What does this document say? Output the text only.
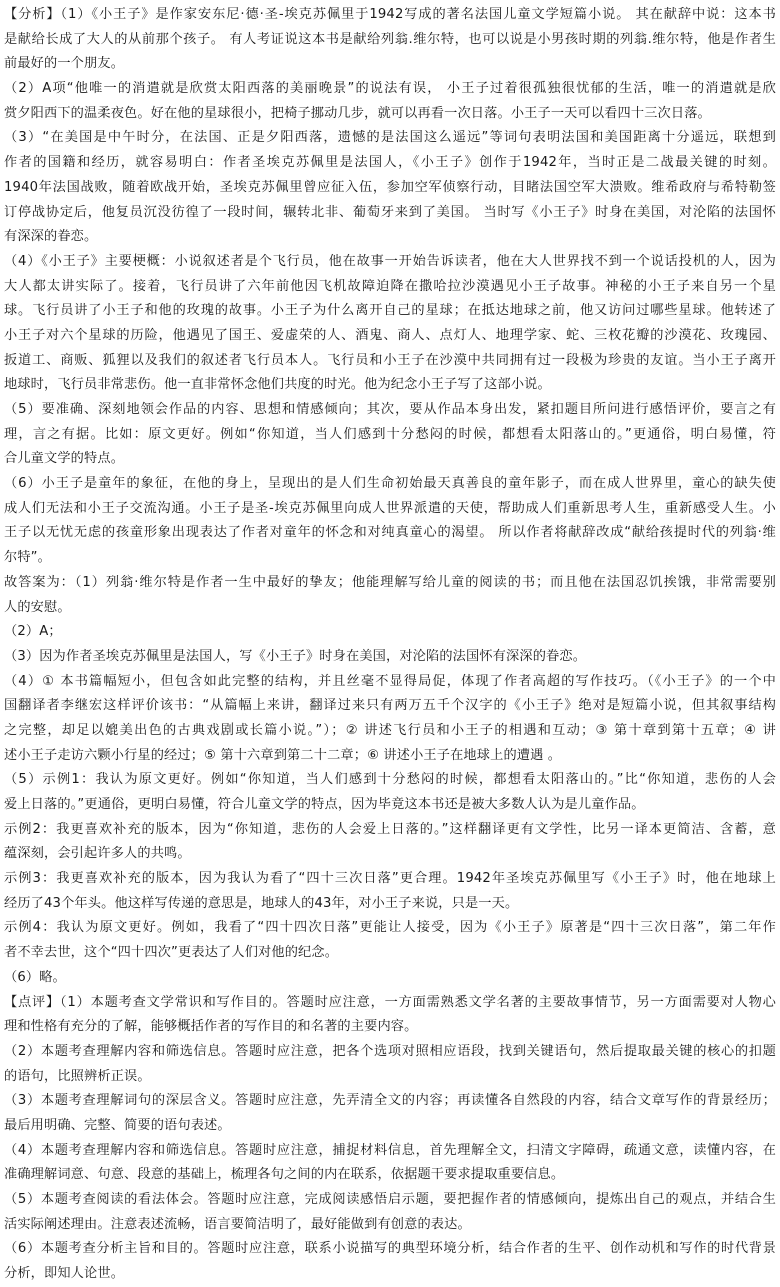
【分析】（1）《小王子》是作家安东尼·德·圣-埃克苏佩里于1942写成的著名法国儿童文学短篇小说。 其在献辞中说：这本书
是献给长成了大人的从前那个孩子。 有人考证说这本书是献给列翁.维尔特，也可以说是小男孩时期的列翁.维尔特，他是作者生
前最好的一个朋友。
（2）A项“他唯一的消遣就是欣赏太阳西落的美丽晚景”的说法有误， 小王子过着很孤独很忧郁的生活，唯一的消遣就是欣
赏夕阳西下的温柔夜色。好在他的星球很小，把椅子挪动几步，就可以再看一次日落。小王子一天可以看四十三次日落。
（3）“在美国是中午时分，在法国、正是夕阳西落，遗憾的是法国这么遥远”等词句表明法国和美国距离十分遥远，联想到
作者的国籍和经历，就容易明白：作者圣埃克苏佩里是法国人，《小王子》创作于1942年，当时正是二战最关键的时刻。
1940年法国战败，随着欧战开始，圣埃克苏佩里曾应征入伍，参加空军侦察行动，目睹法国空军大溃败。维希政府与希特勒签
订停战协定后，他复员沉没彷徨了一段时间，辗转北非、葡萄牙来到了美国。 当时写《小王子》时身在美国，对沦陷的法国怀
有深深的眷恋。
（4）《小王子》主要梗概：小说叙述者是个飞行员，他在故事一开始告诉读者，他在大人世界找不到一个说话投机的人，因为
大人都太讲实际了。接着，飞行员讲了六年前他因飞机故障迫降在撒哈拉沙漠遇见小王子故事。神秘的小王子来自另一个星
球。飞行员讲了小王子和他的玫瑰的故事。小王子为什么离开自己的星球；在抵达地球之前，他又访问过哪些星球。他转述了
小王子对六个星球的历险，他遇见了国王、爱虚荣的人、酒鬼、商人、点灯人、地理学家、蛇、三枚花瓣的沙漠花、玫瑰园、
扳道工、商贩、狐狸以及我们的叙述者飞行员本人。飞行员和小王子在沙漠中共同拥有过一段极为珍贵的友谊。当小王子离开
地球时，飞行员非常悲伤。他一直非常怀念他们共度的时光。他为纪念小王子写了这部小说。
（5）要准确、深刻地领会作品的内容、思想和情感倾向；其次，要从作品本身出发，紧扣题目所问进行感悟评价，要言之有
理，言之有据。比如：原文更好。例如“你知道，当人们感到十分愁闷的时候，都想看太阳落山的。”更通俗，明白易懂，符
合儿童文学的特点。
（6）小王子是童年的象征，在他的身上，呈现出的是人们生命初始最天真善良的童年影子，而在成人世界里，童心的缺失使
成人们无法和小王子交流沟通。小王子是圣-埃克苏佩里向成人世界派遣的天使，帮助成人们重新思考人生，重新感受人生。小
王子以无忧无虑的孩童形象出现表达了作者对童年的怀念和对纯真童心的渴望。 所以作者将献辞改成“献给孩提时代的列翁·维
尔特”。
故答案为：（1）列翁·维尔特是作者一生中最好的挚友；他能理解写给儿童的阅读的书；而且他在法国忍饥挨饿，非常需要别
人的安慰。
（2）A；
（3）因为作者圣埃克苏佩里是法国人，写《小王子》时身在美国，对沦陷的法国怀有深深的眷恋。
（4）① 本书篇幅短小，但包含如此完整的结构，并且丝毫不显得局促，体现了作者高超的写作技巧。（《小王子》的一个中
国翻译者李继宏这样评价该书：“从篇幅上来讲，翻译过来只有两万五千个汉字的《小王子》绝对是短篇小说，但其叙事结构
之完整，却足以媲美出色的古典戏剧或长篇小说。”）；② 讲述飞行员和小王子的相遇和互动；③ 第十章到第十五章；④ 讲
述小王子走访六颗小行星的经过；⑤ 第十六章到第二十二章；⑥ 讲述小王子在地球上的遭遇 。
（5）示例1：我认为原文更好。例如“你知道，当人们感到十分愁闷的时候，都想看太阳落山的。”比“你知道，悲伤的人会
爱上日落的。”更通俗，更明白易懂，符合儿童文学的特点，因为毕竟这本书还是被大多数人认为是儿童作品。
示例2：我更喜欢补充的版本，因为“你知道，悲伤的人会爱上日落的。”这样翻译更有文学性，比另一译本更简洁、含蓄，意
蕴深刻，会引起许多人的共鸣。
示例3：我更喜欢补充的版本，因为我认为看了“四十三次日落”更合理。1942年圣埃克苏佩里写《小王子》时，他在地球上
经历了43个年头。他这样写传递的意思是，地球人的43年，对小王子来说，只是一天。
示例4：我认为原文更好。例如，我看了“四十四次日落”更能让人接受，因为《小王子》原著是“四十三次日落”，第二年作
者不幸去世，这个“四十四次”更表达了人们对他的纪念。
（6）略。
【点评】（1）本题考查文学常识和写作目的。答题时应注意，一方面需熟悉文学名著的主要故事情节，另一方面需要对人物心
理和性格有充分的了解，能够概括作者的写作目的和名著的主要内容。
（2）本题考查理解内容和筛选信息。答题时应注意，把各个选项对照相应语段，找到关键语句，然后提取最关键的核心的扣题
的语句，比照辨析正误。
（3）本题考查理解词句的深层含义。答题时应注意，先弄清全文的内容；再读懂各自然段的内容，结合文章写作的背景经历；
最后用明确、完整、简要的语句表述。
（4）本题考查理解内容和筛选信息。答题时应注意，捕捉材料信息，首先理解全文，扫清文字障碍，疏通文意，读懂内容，在
准确理解词意、句意、段意的基础上，梳理各句之间的内在联系，依据题干要求提取重要信息。
（5）本题考查阅读的看法体会。答题时应注意，完成阅读感悟启示题，要把握作者的情感倾向，提炼出自己的观点，并结合生
活实际阐述理由。注意表述流畅，语言要简洁明了，最好能做到有创意的表达。
（6）本题考查分析主旨和目的。答题时应注意，联系小说描写的典型环境分析，结合作者的生平、创作动机和写作的时代背景
分析，即知人论世。
